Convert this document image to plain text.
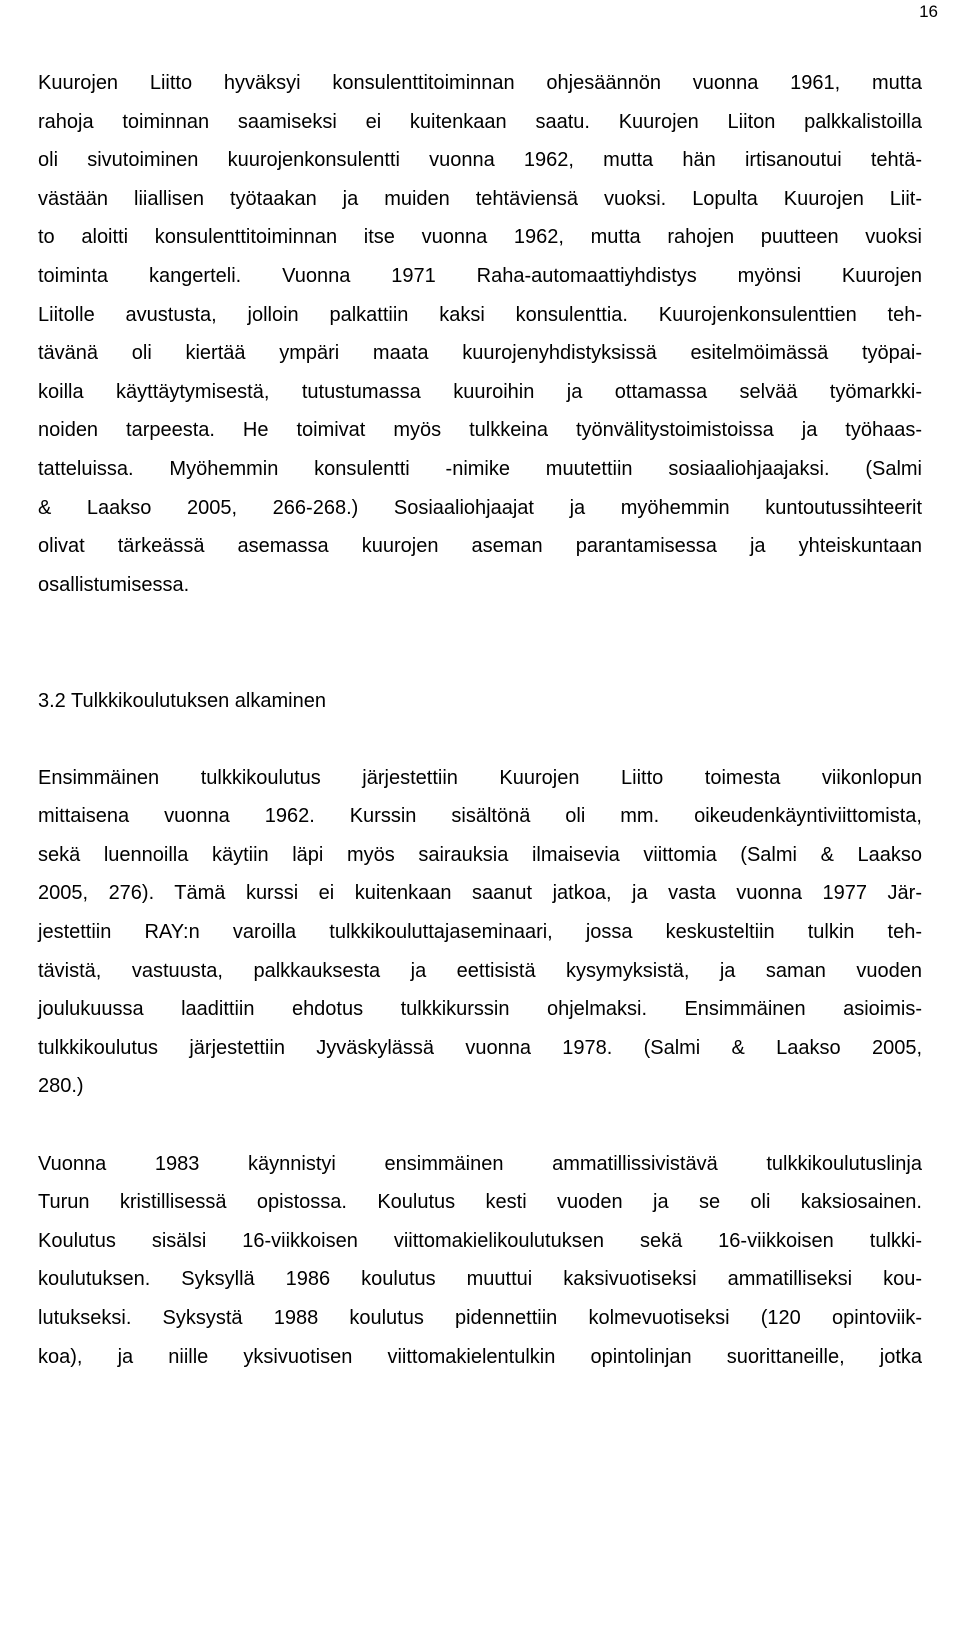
16
Kuurojen Liitto hyväksyi konsulenttitoiminnan ohjesäännön vuonna 1961, mutta
rahoja toiminnan saamiseksi ei kuitenkaan saatu. Kuurojen Liiton palkkalistoilla
oli sivutoiminen kuurojenkonsulentti vuonna 1962, mutta hän irtisanoutui tehtä-
västään liiallisen työtaakan ja muiden tehtäviensä vuoksi. Lopulta Kuurojen Liit-
to aloitti konsulenttitoiminnan itse vuonna 1962, mutta rahojen puutteen vuoksi
toiminta kangerteli. Vuonna 1971 Raha-automaattiyhdistys myönsi Kuurojen
Liitolle avustusta, jolloin palkattiin kaksi konsulenttia. Kuurojenkonsulenttien teh-
tävänä oli kiertää ympäri maata kuurojenyhdistyksissä esitelmöimässä työpai-
koilla käyttäytymisestä, tutustumassa kuuroihin ja ottamassa selvää työmarkki-
noiden tarpeesta. He toimivat myös tulkkeina työnvälitystoimistoissa ja työhaas-
tatteluissa. Myöhemmin konsulentti -nimike muutettiin sosiaaliohjaajaksi. (Salmi
& Laakso 2005, 266-268.) Sosiaaliohjaajat ja myöhemmin kuntoutussihteerit
olivat tärkeässä asemassa kuurojen aseman parantamisessa ja yhteiskuntaan
osallistumisessa.
3.2 Tulkkikoulutuksen alkaminen
Ensimmäinen tulkkikoulutus järjestettiin Kuurojen Liitto toimesta viikonlopun
mittaisena vuonna 1962. Kurssin sisältönä oli mm. oikeudenkäyntiviittomista,
sekä luennoilla käytiin läpi myös sairauksia ilmaisevia viittomia (Salmi & Laakso
2005, 276). Tämä kurssi ei kuitenkaan saanut jatkoa, ja vasta vuonna 1977 Jär-
jestettiin RAY:n varoilla tulkkikouluttajaseminaari, jossa keskusteltiin tulkin teh-
tävistä, vastuusta, palkkauksesta ja eettisistä kysymyksistä, ja saman vuoden
joulukuussa laadittiin ehdotus tulkkikurssin ohjelmaksi. Ensimmäinen asioimis-
tulkkikoulutus järjestettiin Jyväskylässä vuonna 1978. (Salmi & Laakso 2005,
280.)
Vuonna 1983 käynnistyi ensimmäinen ammatillissivistävä tulkkikoulutuslinja
Turun kristillisessä opistossa. Koulutus kesti vuoden ja se oli kaksiosainen.
Koulutus sisälsi 16-viikkoisen viittomakielikoulutuksen sekä 16-viikkoisen tulkki-
koulutuksen. Syksyllä 1986 koulutus muuttui kaksivuotiseksi ammatilliseksi kou-
lutukseksi. Syksystä 1988 koulutus pidennettiin kolmevuotiseksi (120 opintoviik-
koa), ja niille yksivuotisen viittomakielentulkin opintolinjan suorittaneille, jotka
